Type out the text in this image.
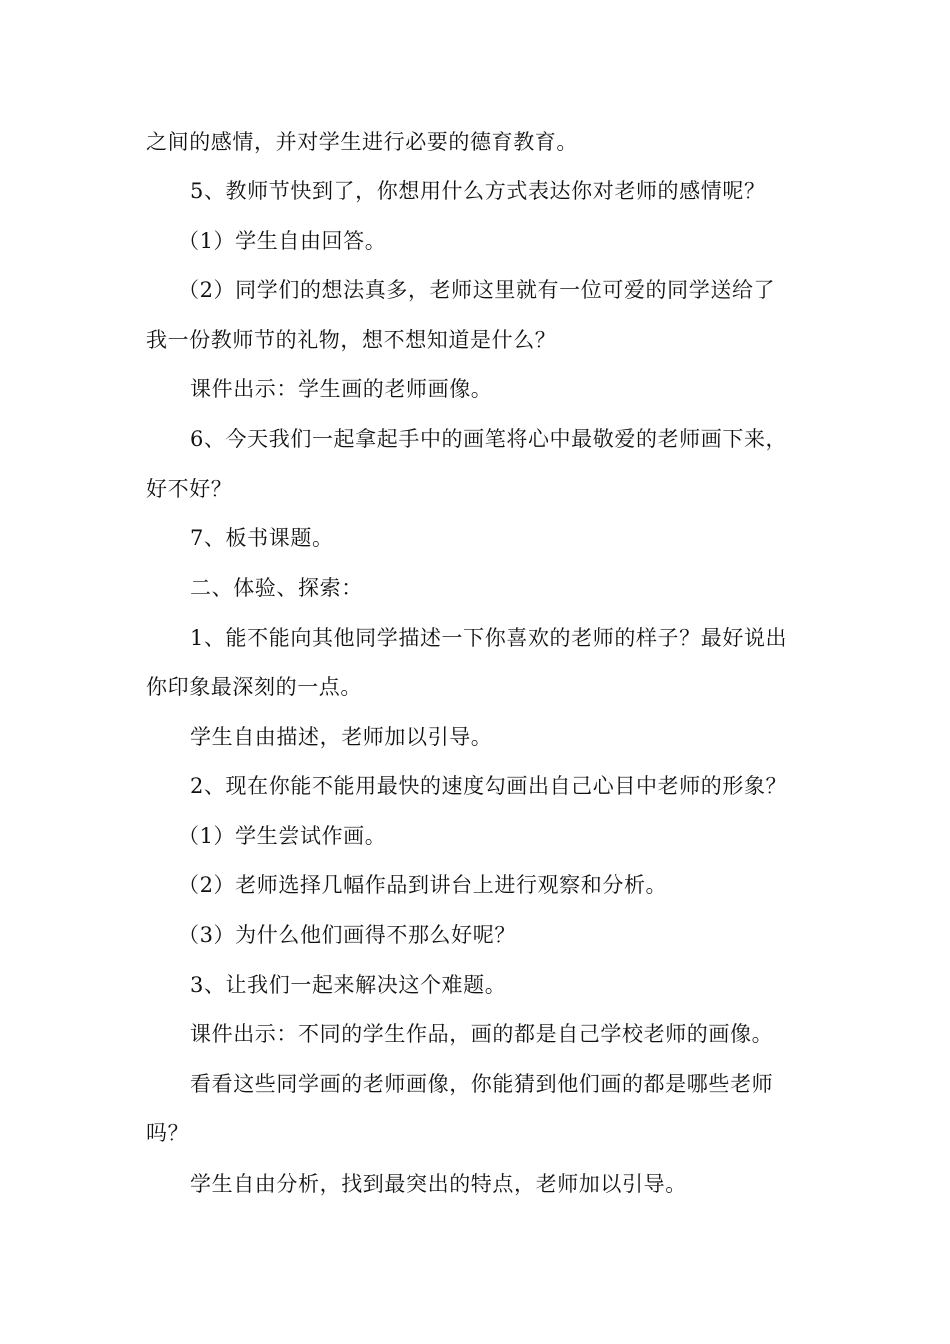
之间的感情，并对学生进行必要的德育教育。
5、教师节快到了，你想用什么方式表达你对老师的感情呢？
（1）学生自由回答。
（2）同学们的想法真多，老师这里就有一位可爱的同学送给了
我一份教师节的礼物，想不想知道是什么？
课件出示：学生画的老师画像。
6、今天我们一起拿起手中的画笔将心中最敬爱的老师画下来，
好不好？
7、板书课题。
二、体验、探索：
1、能不能向其他同学描述一下你喜欢的老师的样子？最好说出
你印象最深刻的一点。
学生自由描述，老师加以引导。
2、现在你能不能用最快的速度勾画出自己心目中老师的形象？
（1）学生尝试作画。
（2）老师选择几幅作品到讲台上进行观察和分析。
（3）为什么他们画得不那么好呢？
3、让我们一起来解决这个难题。
课件出示：不同的学生作品，画的都是自己学校老师的画像。
看看这些同学画的老师画像，你能猜到他们画的都是哪些老师
吗？
学生自由分析，找到最突出的特点，老师加以引导。
